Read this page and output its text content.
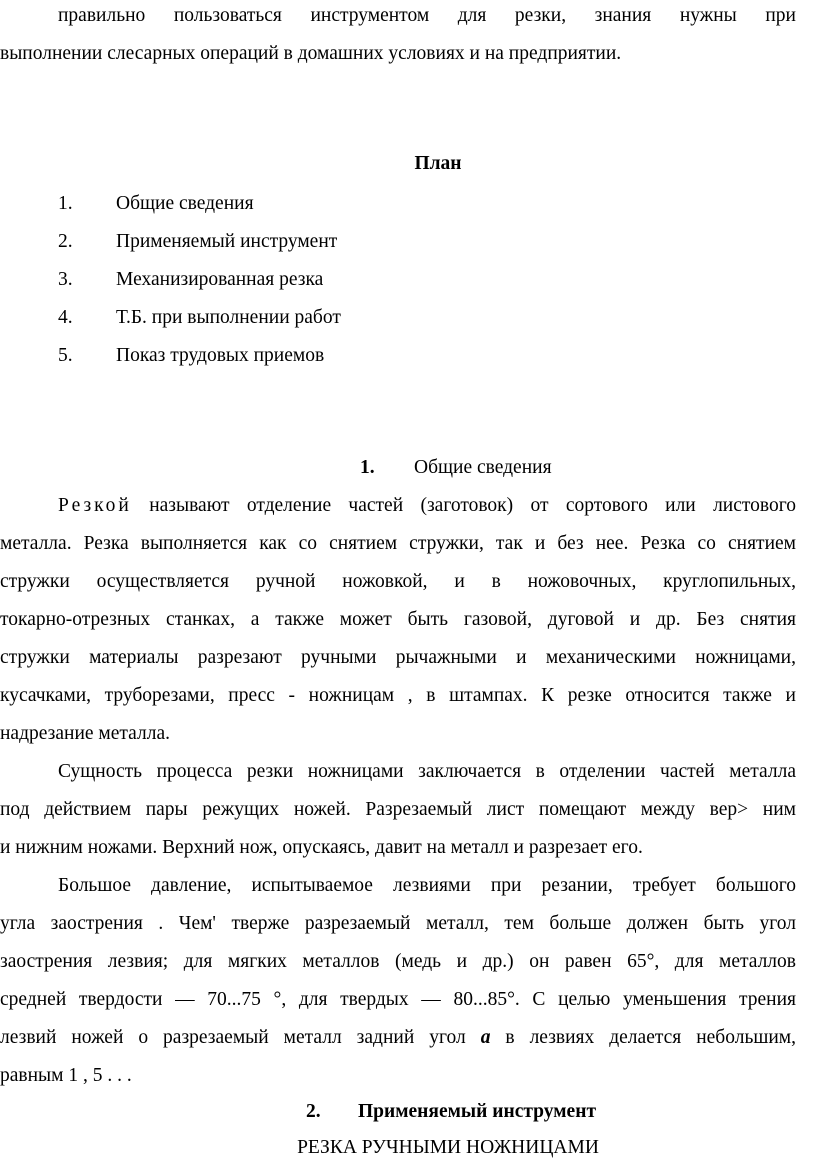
правильно пользоваться инструментом для резки, знания нужны при
выполнении слесарных операций в домашних условиях и на предприятии.
План
1. Общие сведения
2. Применяемый инструмент
3. Механизированная резка
4. Т.Б. при выполнении работ
5. Показ трудовых приемов
1. Общие сведения
Резкой называют отделение частей (заготовок) от сортового или листового
металла. Резка выполняется как со снятием стружки, так и без нее. Резка со снятием
стружки осуществляется ручной ножовкой, и в ножовочных, круглопильных,
токарно-отрезных станках, а также может быть газовой, дуговой и др. Без снятия
стружки материалы разрезают ручными рычажными и механическими ножницами,
кусачками, труборезами, пресс - ножницам , в штампах. К резке относится также и
надрезание металла.
Сущность процесса резки ножницами заключается в отделении частей металла
под действием пары режущих ножей. Разрезаемый лист помещают между вер> ним
и нижним ножами. Верхний нож, опускаясь, давит на металл и разрезает его.
Большое давление, испытываемое лезвиями при резании, требует большого
угла заострения . Чем' тверже разрезаемый металл, тем больше должен быть угол
заострения лезвия; для мягких металлов (медь и др.) он равен 65°, для металлов
средней твердости — 70...75 °, для твердых — 80...85°. С целью уменьшения трения
лезвий ножей о разрезаемый металл задний угол a в лезвиях делается небольшим,
равным 1 , 5 . . .
2. Применяемый инструмент
РЕЗКА РУЧНЫМИ НОЖНИЦАМИ
